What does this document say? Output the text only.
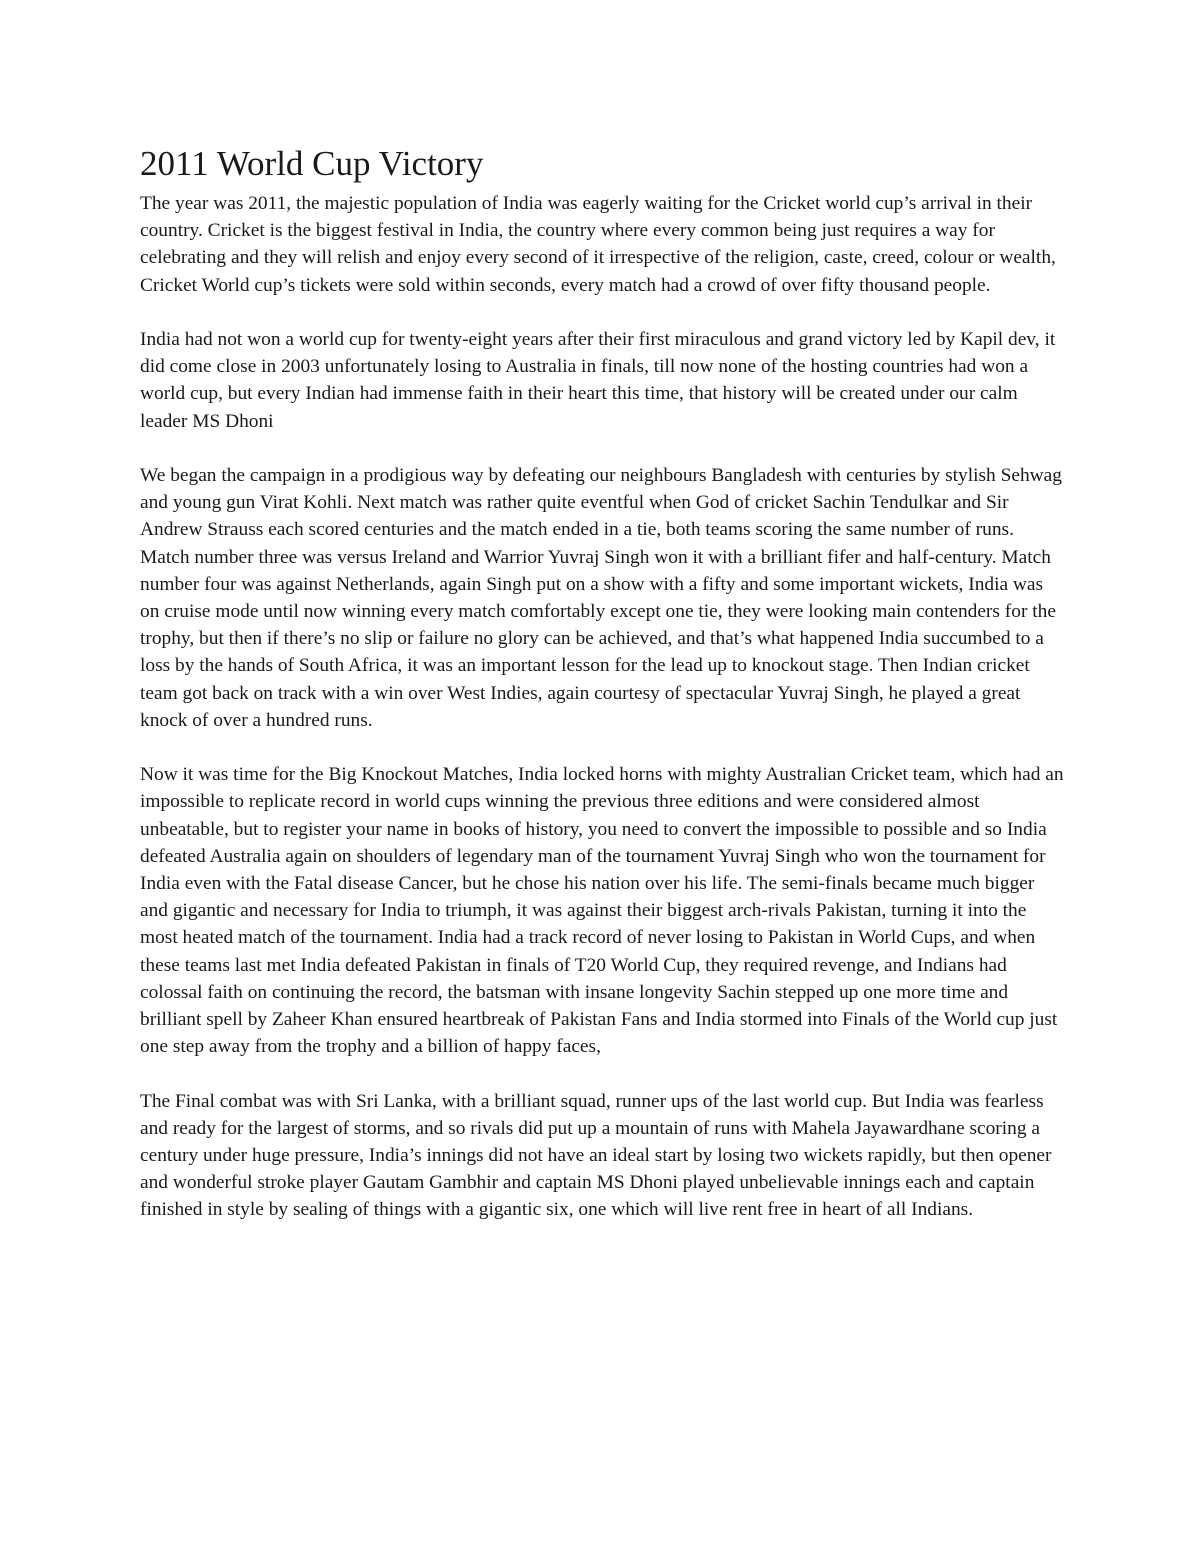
2011 World Cup Victory

The year was 2011, the majestic population of India was eagerly waiting for the Cricket world cup’s arrival in their country. Cricket is the biggest festival in India, the country where every common being just requires a way for celebrating and they will relish and enjoy every second of it irrespective of the religion, caste, creed, colour or wealth, Cricket World cup’s tickets were sold within seconds, every match had a crowd of over fifty thousand people.

India had not won a world cup for twenty-eight years after their first miraculous and grand victory led by Kapil dev, it did come close in 2003 unfortunately losing to Australia in finals, till now none of the hosting countries had won a world cup, but every Indian had immense faith in their heart this time, that history will be created under our calm leader MS Dhoni

We began the campaign in a prodigious way by defeating our neighbours Bangladesh with centuries by stylish Sehwag and young gun Virat Kohli. Next match was rather quite eventful when God of cricket Sachin Tendulkar and Sir Andrew Strauss each scored centuries and the match ended in a tie, both teams scoring the same number of runs. Match number three was versus Ireland and Warrior Yuvraj Singh won it with a brilliant fifer and half-century. Match number four was against Netherlands, again Singh put on a show with a fifty and some important wickets, India was on cruise mode until now winning every match comfortably except one tie, they were looking main contenders for the trophy, but then if there’s no slip or failure no glory can be achieved, and that’s what happened India succumbed to a loss by the hands of South Africa, it was an important lesson for the lead up to knockout stage. Then Indian cricket team got back on track with a win over West Indies, again courtesy of spectacular Yuvraj Singh, he played a great knock of over a hundred runs.

Now it was time for the Big Knockout Matches, India locked horns with mighty Australian Cricket team, which had an impossible to replicate record in world cups winning the previous three editions and were considered almost unbeatable, but to register your name in books of history, you need to convert the impossible to possible and so India defeated Australia again on shoulders of legendary man of the tournament Yuvraj Singh who won the tournament for India even with the Fatal disease Cancer, but he chose his nation over his life. The semi-finals became much bigger and gigantic and necessary for India to triumph, it was against their biggest arch-rivals Pakistan, turning it into the most heated match of the tournament. India had a track record of never losing to Pakistan in World Cups, and when these teams last met India defeated Pakistan in finals of T20 World Cup, they required revenge, and Indians had colossal faith on continuing the record, the batsman with insane longevity Sachin stepped up one more time and brilliant spell by Zaheer Khan ensured heartbreak of Pakistan Fans and India stormed into Finals of the World cup just one step away from the trophy and a billion of happy faces,

The Final combat was with Sri Lanka, with a brilliant squad, runner ups of the last world cup. But India was fearless and ready for the largest of storms, and so rivals did put up a mountain of runs with Mahela Jayawardhane scoring a century under huge pressure, India’s innings did not have an ideal start by losing two wickets rapidly, but then opener and wonderful stroke player Gautam Gambhir and captain MS Dhoni played unbelievable innings each and captain finished in style by sealing of things with a gigantic six, one which will live rent free in heart of all Indians.
